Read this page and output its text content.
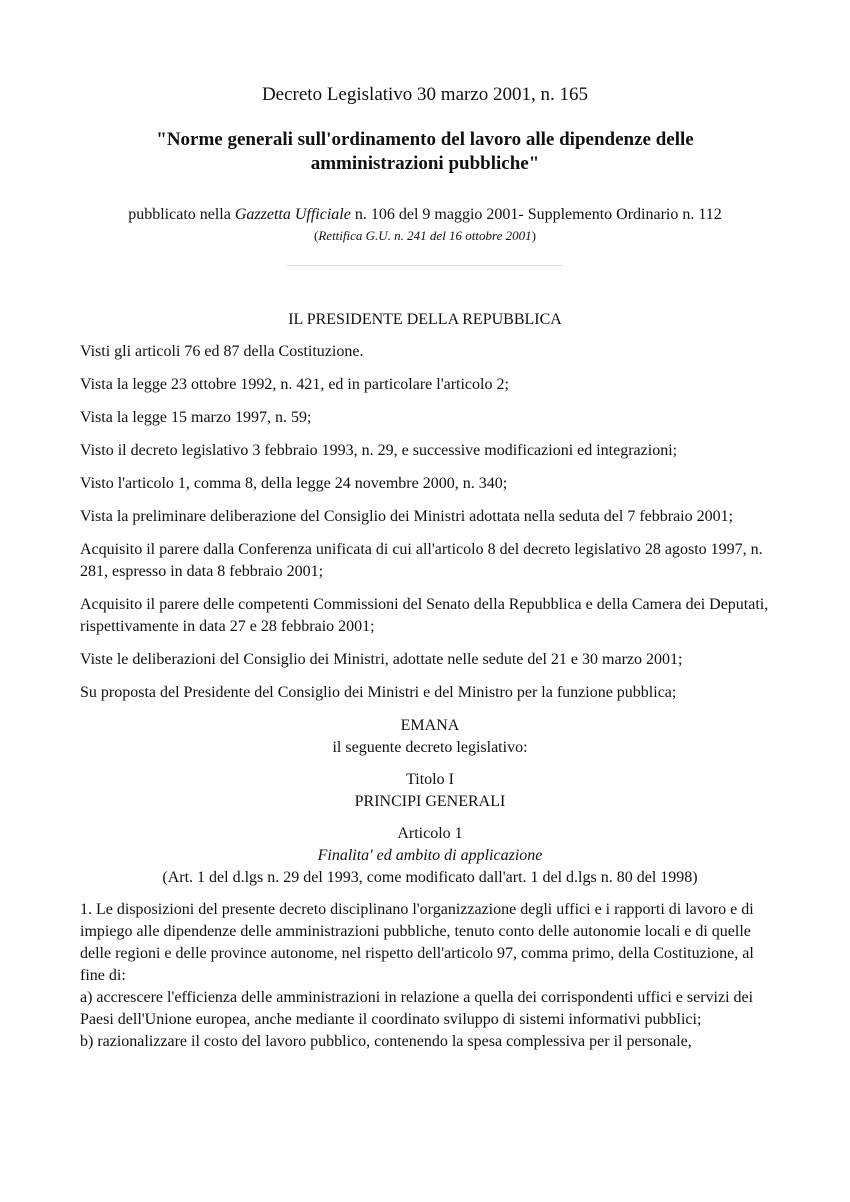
Decreto Legislativo 30 marzo 2001, n. 165
"Norme generali sull'ordinamento del lavoro alle dipendenze delle amministrazioni pubbliche"
pubblicato nella Gazzetta Ufficiale n. 106 del 9 maggio 2001- Supplemento Ordinario n. 112
(Rettifica G.U. n. 241 del 16 ottobre 2001)
IL PRESIDENTE DELLA REPUBBLICA

Visti gli articoli 76 ed 87 della Costituzione.

Vista la legge 23 ottobre 1992, n. 421, ed in particolare l'articolo 2;

Vista la legge 15 marzo 1997, n. 59;

Visto il decreto legislativo 3 febbraio 1993, n. 29, e successive modificazioni ed integrazioni;

Visto l'articolo 1, comma 8, della legge 24 novembre 2000, n. 340;

Vista la preliminare deliberazione del Consiglio dei Ministri adottata nella seduta del 7 febbraio 2001;

Acquisito il parere dalla Conferenza unificata di cui all'articolo 8 del decreto legislativo 28 agosto 1997, n. 281, espresso in data 8 febbraio 2001;

Acquisito il parere delle competenti Commissioni del Senato della Repubblica e della Camera dei Deputati, rispettivamente in data 27 e 28 febbraio 2001;

Viste le deliberazioni del Consiglio dei Ministri, adottate nelle sedute del 21 e 30 marzo 2001;

Su proposta del Presidente del Consiglio dei Ministri e del Ministro per la funzione pubblica;

EMANA
il seguente decreto legislativo:
Titolo I
PRINCIPI GENERALI
Articolo 1
Finalita' ed ambito di applicazione
(Art. 1 del d.lgs n. 29 del 1993, come modificato dall'art. 1 del d.lgs n. 80 del 1998)

1. Le disposizioni del presente decreto disciplinano l'organizzazione degli uffici e i rapporti di lavoro e di impiego alle dipendenze delle amministrazioni pubbliche, tenuto conto delle autonomie locali e di quelle delle regioni e delle province autonome, nel rispetto dell'articolo 97, comma primo, della Costituzione, al fine di:

a) accrescere l'efficienza delle amministrazioni in relazione a quella dei corrispondenti uffici e servizi dei Paesi dell'Unione europea, anche mediante il coordinato sviluppo di sistemi informativi pubblici;

b) razionalizzare il costo del lavoro pubblico, contenendo la spesa complessiva per il personale,
